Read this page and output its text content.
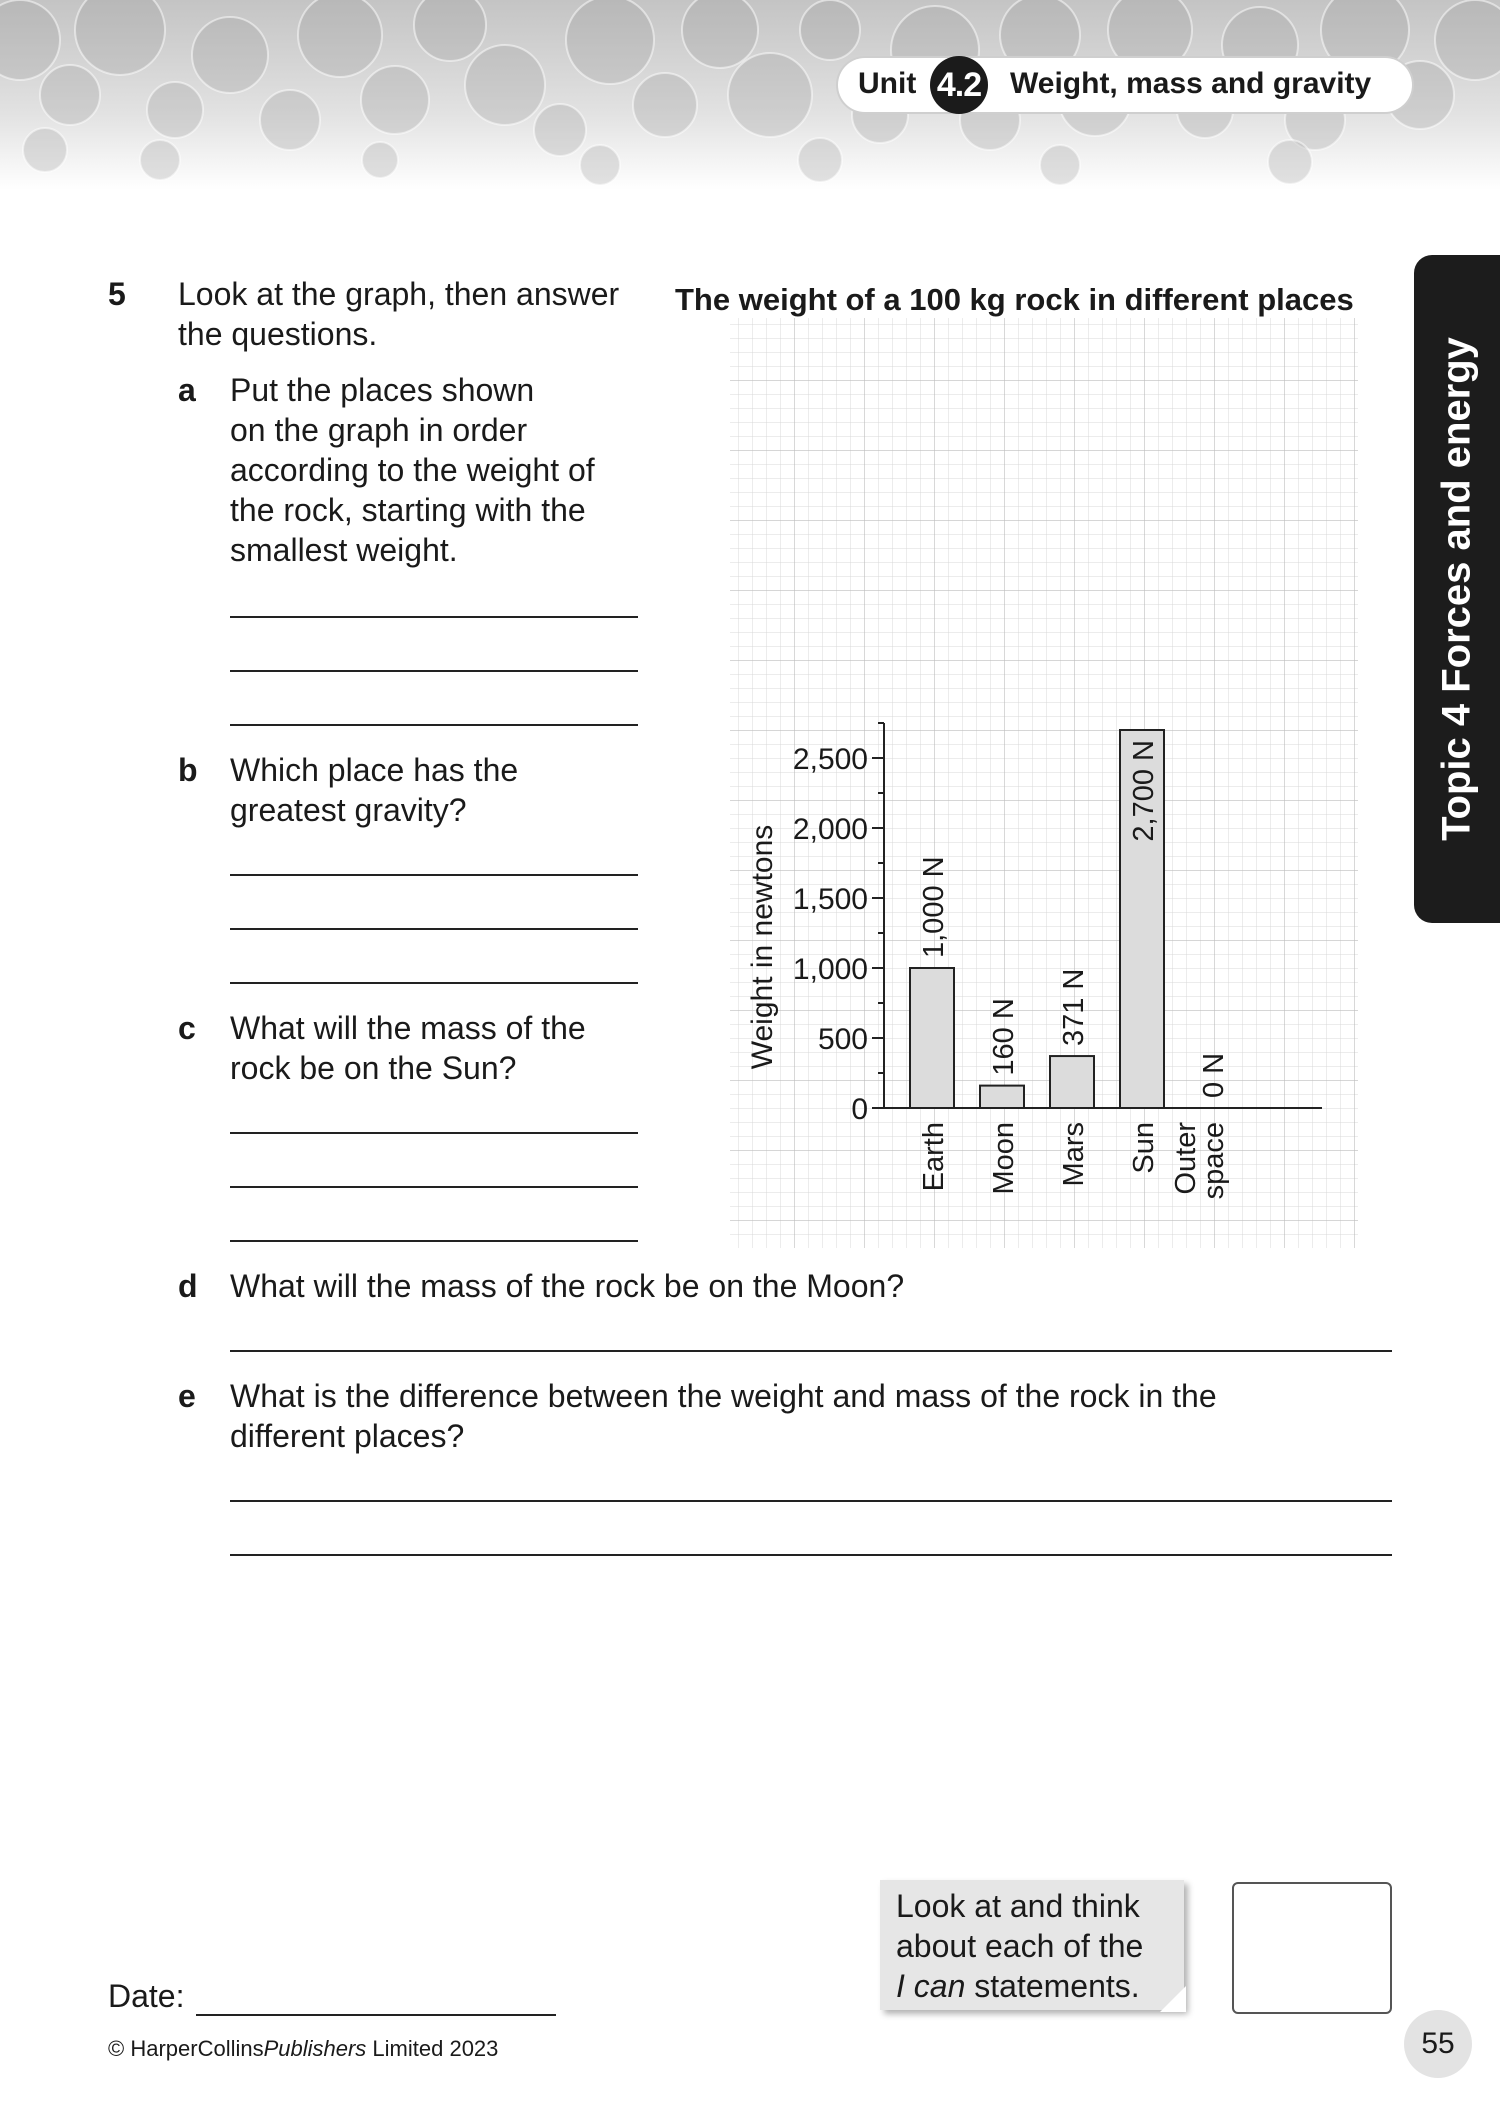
Unit 4.2 Weight, mass and gravity
Topic 4 Forces and energy
5 Look at the graph, then answer
the questions.
a Put the places shown
on the graph in order
according to the weight of
the rock, starting with the
smallest weight.
b Which place has the
greatest gravity?
c What will the mass of the
rock be on the Sun?
d What will the mass of the rock be on the Moon?
e What is the difference between the weight and mass of the rock in the
different places?
The weight of a 100 kg rock in different places
Weight in newtons
0
500
1,000
1,500
2,000
2,500
1,000 N
Earth
160 N
Moon
371 N
Mars
2,700 N
Sun
0 N
Outer
space
Date:
© HarperCollinsPublishers Limited 2023
Look at and think
about each of the
I can statements.
55
